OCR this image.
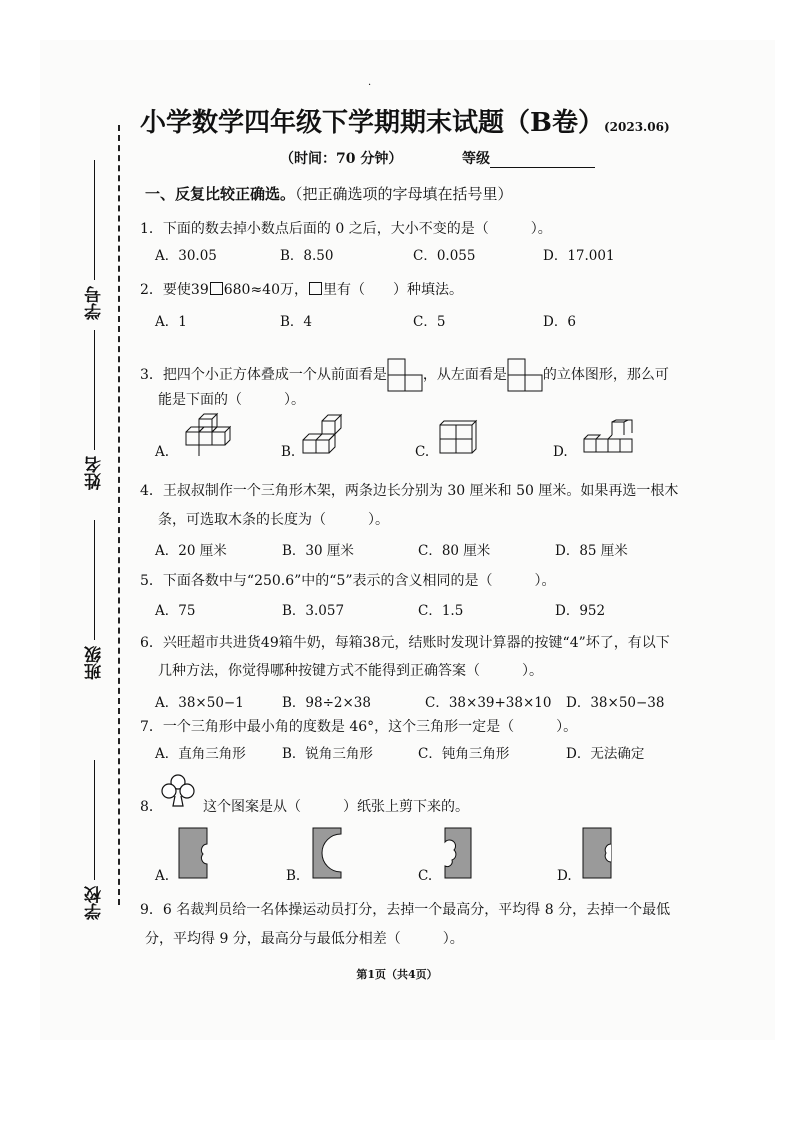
·
学号
姓名
班级
学校
小学数学四年级下学期期末试题（B卷）(2023.06)
（时间：70 分钟）	等级
一、反复比较正确选。（把正确选项的字母填在括号里）
1．下面的数去掉小数点后面的 0 之后，大小不变的是（　　　）。
A．30.05	B．8.50	C．0.055	D．17.001
2．要使39 680≈40万， 里有（　　）种填法。
A．1	B．4	C．5	D．6
3．把四个小正方体叠成一个从前面看是	，从左面看是	的立体图形，那么可
能是下面的（　　　）。
A.	B.	C.	D.
4．王叔叔制作一个三角形木架，两条边长分别为 30 厘米和 50 厘米。如果再选一根木
条，可选取木条的长度为（　　　）。
A．20 厘米	B．30 厘米	C．80 厘米	D．85 厘米
5．下面各数中与“250.6”中的“5”表示的含义相同的是（　　　）。
A．75	B．3.057	C．1.5	D．952
6．兴旺超市共进货49箱牛奶，每箱38元，结账时发现计算器的按键“4”坏了，有以下
几种方法，你觉得哪种按键方式不能得到正确答案（　　　）。
A．38×50−1	B．98÷2×38	C．38×39+38×10 D．38×50−38
7．一个三角形中最小角的度数是 46°，这个三角形一定是（　　　）。
A．直角三角形	B．锐角三角形	C．钝角三角形	D．无法确定
8．	这个图案是从（　　　）纸张上剪下来的。
A.	B.	C.	D.
9．6 名裁判员给一名体操运动员打分，去掉一个最高分，平均得 8 分，去掉一个最低
分，平均得 9 分，最高分与最低分相差（　　　）。
第1页（共4页）
